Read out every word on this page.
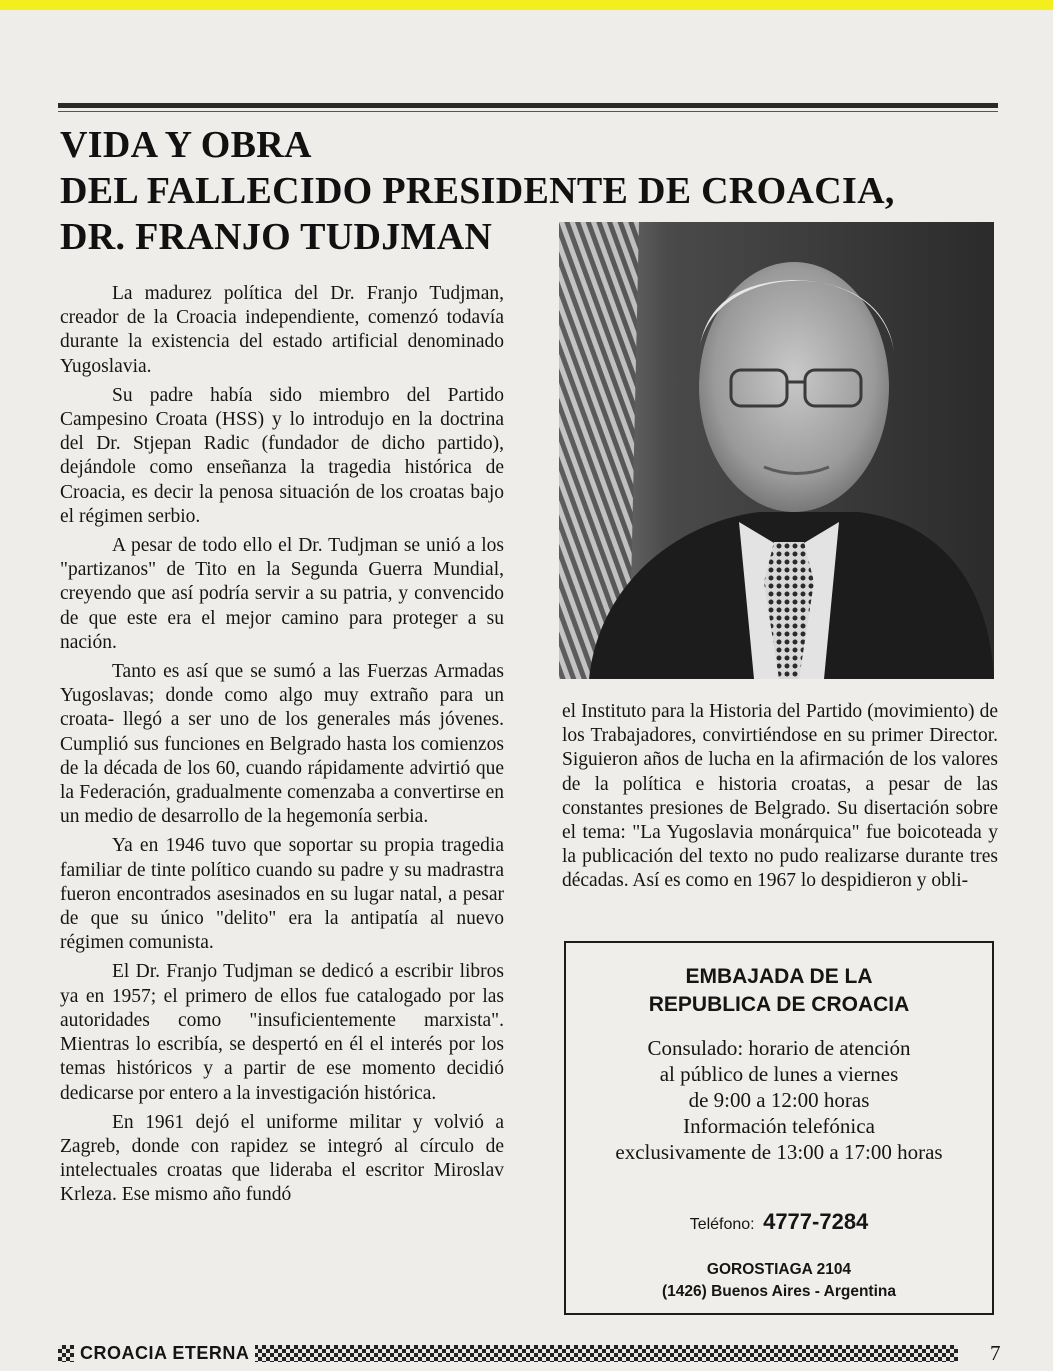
VIDA Y OBRA
DEL FALLECIDO PRESIDENTE DE CROACIA,
DR. FRANJO TUDJMAN

La madurez política del Dr. Franjo Tudjman, creador de la Croacia independiente, comenzó todavía durante la existencia del estado artificial denominado Yugoslavia.

Su padre había sido miembro del Partido Campesino Croata (HSS) y lo introdujo en la doctrina del Dr. Stjepan Radic (fundador de dicho partido), dejándole como enseñanza la tragedia histórica de Croacia, es decir la penosa situación de los croatas bajo el régimen serbio.

A pesar de todo ello el Dr. Tudjman se unió a los "partizanos" de Tito en la Segunda Guerra Mundial, creyendo que así podría servir a su patria, y convencido de que este era el mejor camino para proteger a su nación.

Tanto es así que se sumó a las Fuerzas Armadas Yugoslavas; donde como algo muy extraño para un croata- llegó a ser uno de los generales más jóvenes. Cumplió sus funciones en Belgrado hasta los comienzos de la década de los 60, cuando rápidamente advirtió que la Federación, gradualmente comenzaba a convertirse en un medio de desarrollo de la hegemonía serbia.

Ya en 1946 tuvo que soportar su propia tragedia familiar de tinte político cuando su padre y su madrastra fueron encontrados asesinados en su lugar natal, a pesar de que su único "delito" era la antipatía al nuevo régimen comunista.

El Dr. Franjo Tudjman se dedicó a escribir libros ya en 1957; el primero de ellos fue catalogado por las autoridades como "insuficientemente marxista". Mientras lo escribía, se despertó en él el interés por los temas históricos y a partir de ese momento decidió dedicarse por entero a la investigación histórica.

En 1961 dejó el uniforme militar y volvió a Zagreb, donde con rapidez se integró al círculo de intelectuales croatas que lideraba el escritor Miroslav Krleza. Ese mismo año fundó

el Instituto para la Historia del Partido (movimiento) de los Trabajadores, convirtiéndose en su primer Director. Siguieron años de lucha en la afirmación de los valores de la política e historia croatas, a pesar de las constantes presiones de Belgrado. Su disertación sobre el tema: "La Yugoslavia monárquica" fue boicoteada y la publicación del texto no pudo realizarse durante tres décadas. Así es como en 1967 lo despidieron y obli-

EMBAJADA DE LA
REPUBLICA DE CROACIA
Consulado: horario de atención
al público de lunes a viernes
de 9:00 a 12:00 horas
Información telefónica
exclusivamente de 13:00 a 17:00 horas
Teléfono: 4777-7284
GOROSTIAGA 2104
(1426) Buenos Aires - Argentina
CROACIA ETERNA	7
